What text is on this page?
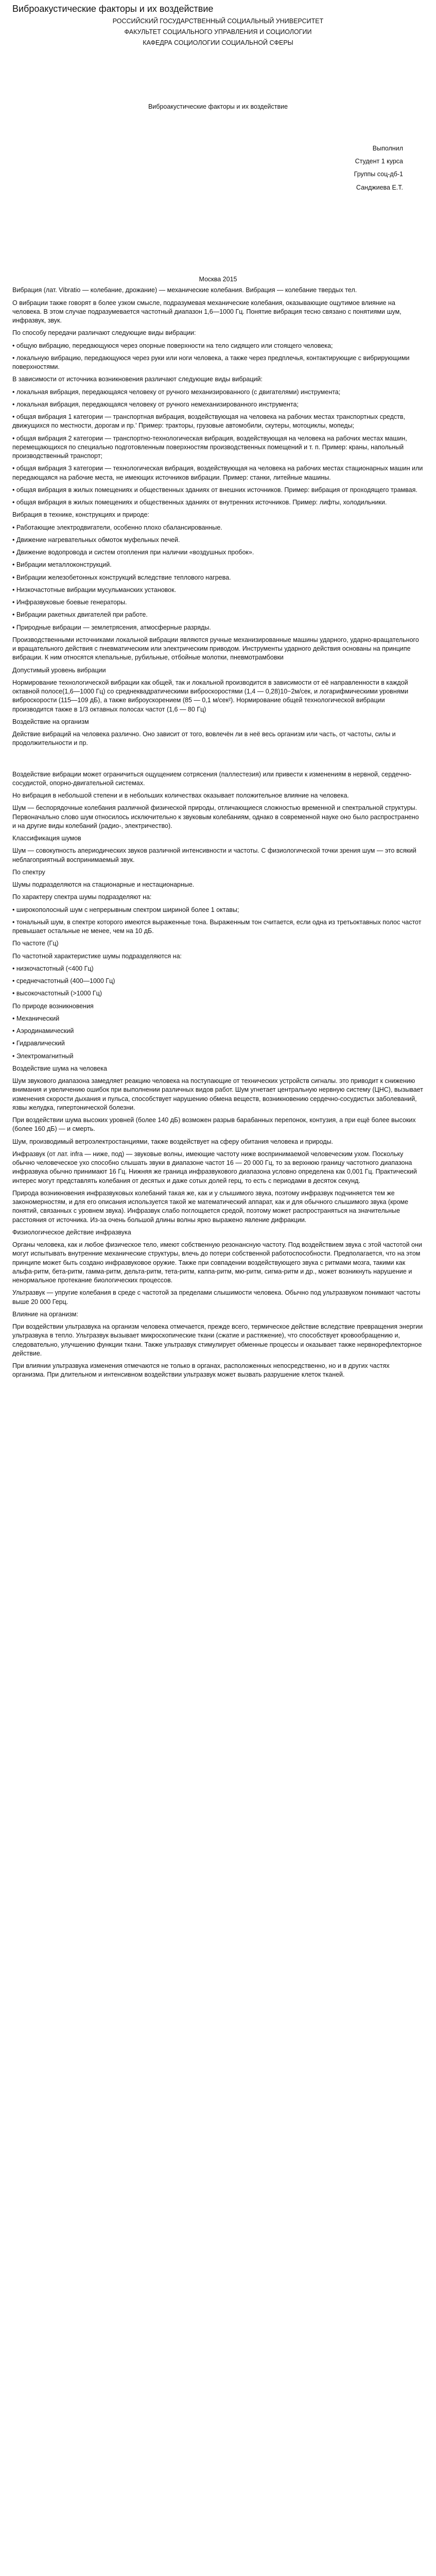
Виброакустические факторы и их воздействие

РОССИЙСКИЙ ГОСУДАРСТВЕННЫЙ СОЦИАЛЬНЫЙ УНИВЕРСИТЕТ

ФАКУЛЬТЕТ СОЦИАЛЬНОГО УПРАВЛЕНИЯ И СОЦИОЛОГИИ

КАФЕДРА СОЦИОЛОГИИ СОЦИАЛЬНОЙ СФЕРЫ

Виброакустические факторы и их воздействие

Выполнил
Студент 1 курса
Группы соц-дб-1
Санджиева Е.Т.

Москва 2015

Вибрация (лат. Vibratio — колебание, дрожание) — механические колебания. Вибрация — колебание твердых тел.

О вибрации также говорят в более узком смысле, подразумевая механические колебания, оказывающие ощутимое влияние на человека. В этом случае подразумевается частотный диапазон 1,6—1000 Гц. Понятие вибрация тесно связано с понятиями шум, инфразвук, звук.

По способу передачи различают следующие виды вибрации:

• общую вибрацию, передающуюся через опорные поверхности на тело сидящего или стоящего человека;

• локальную вибрацию, передающуюся через руки или ноги человека, а также через предплечья, контактирующие с вибрирующими поверхностями.

В зависимости от источника возникновения различают следующие виды вибраций:

• локальная вибрация, передающаяся человеку от ручного механизированного (с двигателями) инструмента;

• локальная вибрация, передающаяся человеку от ручного немеханизированного инструмента;

• общая вибрация 1 категории — транспортная вибрация, воздействующая на человека на рабочих местах транспортных средств, движущихся по местности, дорогам и пр.' Пример: тракторы, грузовые автомобили, скутеры, мотоциклы, мопеды;

• общая вибрация 2 категории — транспортно-технологическая вибрация, воздействующая на человека на рабочих местах машин, перемещающихся по специально подготовленным поверхностям производственных помещений и т. п. Пример: краны, напольный производственный транспорт;

• общая вибрация 3 категории — технологическая вибрация, воздействующая на человека на рабочих местах стационарных машин или передающаяся на рабочие места, не имеющих источников вибрации. Пример: станки, литейные машины.

• общая вибрация в жилых помещениях и общественных зданиях от внешних источников. Пример: вибрация от проходящего трамвая.

• общая вибрация в жилых помещениях и общественных зданиях от внутренних источников. Пример: лифты, холодильники.

Вибрация в технике, конструкциях и природе:

• Работающие электродвигатели, особенно плохо сбалансированные.

• Движение нагревательных обмоток муфельных печей.

• Движение водопровода и систем отопления при наличии «воздушных пробок».

• Вибрации металлоконструкций.

• Вибрации железобетонных конструкций вследствие теплового нагрева.

• Низкочастотные вибрации мусульманских установок.

• Инфразвуковые боевые генераторы.

• Вибрации ракетных двигателей при работе.

• Природные вибрации — землетрясения, атмосферные разряды.

Производственными источниками локальной вибрации являются ручные механизированные машины ударного, ударно-вращательного и вращательного действия с пневматическим или электрическим приводом. Инструменты ударного действия основаны на принципе вибрации. К ним относятся клепальные, рубильные, отбойные молотки, пневмотрамбовки

Допустимый уровень вибрации

Нормирование технологической вибрации как общей, так и локальной производится в зависимости от её направленности в каждой октавной полосе(1,6—1000 Гц) со среднеквадратическими виброскоростями (1,4 — 0,28)10−2м/сек, и логарифмическими уровнями виброскорости (115—109 дБ), а также виброускорением (85 — 0,1 м/сек²). Нормирование общей технологической вибрации производится также в 1/3 октавных полосах частот (1,6 — 80 Гц)

Воздействие на организм

Действие вибраций на человека различно. Оно зависит от того, вовлечён ли в неё весь организм или часть, от частоты, силы и продолжительности и пр.

Воздействие вибрации может ограничиться ощущением сотрясения (паллестезия) или привести к изменениям в нервной, сердечно-сосудистой, опорно-двигательной системах.

Но вибрация в небольшой степени и в небольших количествах оказывает положительное влияние на человека.

Шум — беспорядочные колебания различной физической природы, отличающиеся сложностью временной и спектральной структуры. Первоначально слово шум относилось исключительно к звуковым колебаниям, однако в современной науке оно было распространено и на другие виды колебаний (радио-, электричество).

Классификация шумов

Шум — совокупность апериодических звуков различной интенсивности и частоты. С физиологической точки зрения шум — это всякий неблагоприятный воспринимаемый звук.

По спектру

Шумы подразделяются на стационарные и нестационарные.

По характеру спектра шумы подразделяют на:

• широкополосный шум с непрерывным спектром шириной более 1 октавы;

• тональный шум, в спектре которого имеются выраженные тона. Выраженным тон считается, если одна из третьоктавных полос частот превышает остальные не менее, чем на 10 дБ.

По частоте (Гц)

По частотной характеристике шумы подразделяются на:

• низкочастотный (<400 Гц)

• среднечастотный (400—1000 Гц)

• высокочастотный (>1000 Гц)

По природе возникновения

• Механический

• Аэродинамический

• Гидравлический

• Электромагнитный

Воздействие шума на человека

Шум звукового диапазона замедляет реакцию человека на поступающие от технических устройств сигналы. это приводит к снижению внимания и увеличению ошибок при выполнении различных видов работ. Шум угнетает центральную нервную систему (ЦНС), вызывает изменения скорости дыхания и пульса, способствует нарушению обмена веществ, возникновению сердечно-сосудистых заболеваний, язвы желудка, гипертонической болезни.

При воздействии шума высоких уровней (более 140 дБ) возможен разрыв барабанных перепонок, контузия, а при ещё более высоких (более 160 дБ) — и смерть.

Шум, производимый ветроэлектростанциями, также воздействует на сферу обитания человека и природы.

Инфразвук (от лат. infra — ниже, под) — звуковые волны, имеющие частоту ниже воспринимаемой человеческим ухом. Поскольку обычно человеческое ухо способно слышать звуки в диапазоне частот 16 — 20 000 Гц, то за верхнюю границу частотного диапазона инфразвука обычно принимают 16 Гц. Нижняя же граница инфразвукового диапазона условно определена как 0,001 Гц. Практический интерес могут представлять колебания от десятых и даже сотых долей герц, то есть с периодами в десяток секунд.

Природа возникновения инфразвуковых колебаний такая же, как и у слышимого звука, поэтому инфразвук подчиняется тем же закономерностям, и для его описания используется такой же математический аппарат, как и для обычного слышимого звука (кроме понятий, связанных с уровнем звука). Инфразвук слабо поглощается средой, поэтому может распространяться на значительные расстояния от источника. Из-за очень большой длины волны ярко выражено явление дифракции.

Физиологическое действие инфразвука

Органы человека, как и любое физическое тело, имеют собственную резонансную частоту. Под воздействием звука с этой частотой они могут испытывать внутренние механические структуры, влечь до потери собственной работоспособности. Предполагается, что на этом принципе может быть создано инфразвуковое оружие. Также при совпадении воздействующего звука с ритмами мозга, такими как альфа-ритм, бета-ритм, гамма-ритм, дельта-ритм, тета-ритм, каппа-ритм, мю-ритм, сигма-ритм и др., может возникнуть нарушение и ненормальное протекание биологических процессов.

Ультразвук — упругие колебания в среде с частотой за пределами слышимости человека. Обычно под ультразвуком понимают частоты выше 20 000 Герц.

Влияние на организм:

При воздействии ультразвука на организм человека отмечается, прежде всего, термическое действие вследствие превращения энергии ультразвука в тепло. Ультразвук вызывает микроскопические ткани (сжатие и растяжение), что способствует кровообращению и, следовательно, улучшению функции ткани. Также ультразвук стимулирует обменные процессы и оказывает также нервнорефлекторное действие.

При влиянии ультразвука изменения отмечаются не только в органах, расположенных непосредственно, но и в других частях организма. При длительном и интенсивном воздействии ультразвук может вызвать разрушение клеток тканей.
